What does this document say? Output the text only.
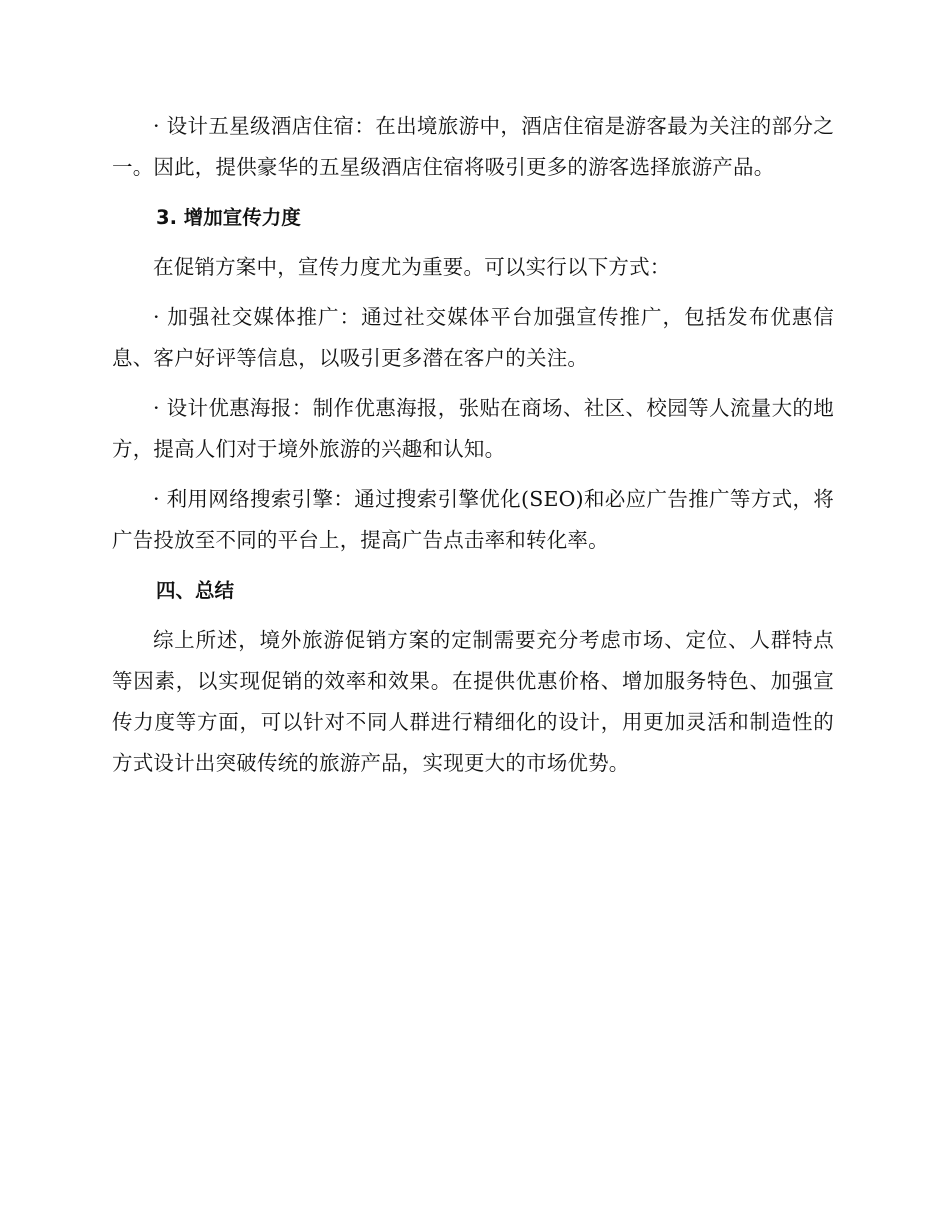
· 设计五星级酒店住宿：在出境旅游中，酒店住宿是游客最为关注的部分之一。因此，提供豪华的五星级酒店住宿将吸引更多的游客选择旅游产品。

3. 增加宣传力度

在促销方案中，宣传力度尤为重要。可以实行以下方式：

· 加强社交媒体推广：通过社交媒体平台加强宣传推广，包括发布优惠信息、客户好评等信息，以吸引更多潜在客户的关注。

· 设计优惠海报：制作优惠海报，张贴在商场、社区、校园等人流量大的地方，提高人们对于境外旅游的兴趣和认知。

· 利用网络搜索引擎：通过搜索引擎优化(SEO)和必应广告推广等方式，将广告投放至不同的平台上，提高广告点击率和转化率。

四、总结

综上所述，境外旅游促销方案的定制需要充分考虑市场、定位、人群特点等因素，以实现促销的效率和效果。在提供优惠价格、增加服务特色、加强宣传力度等方面，可以针对不同人群进行精细化的设计，用更加灵活和制造性的方式设计出突破传统的旅游产品，实现更大的市场优势。
